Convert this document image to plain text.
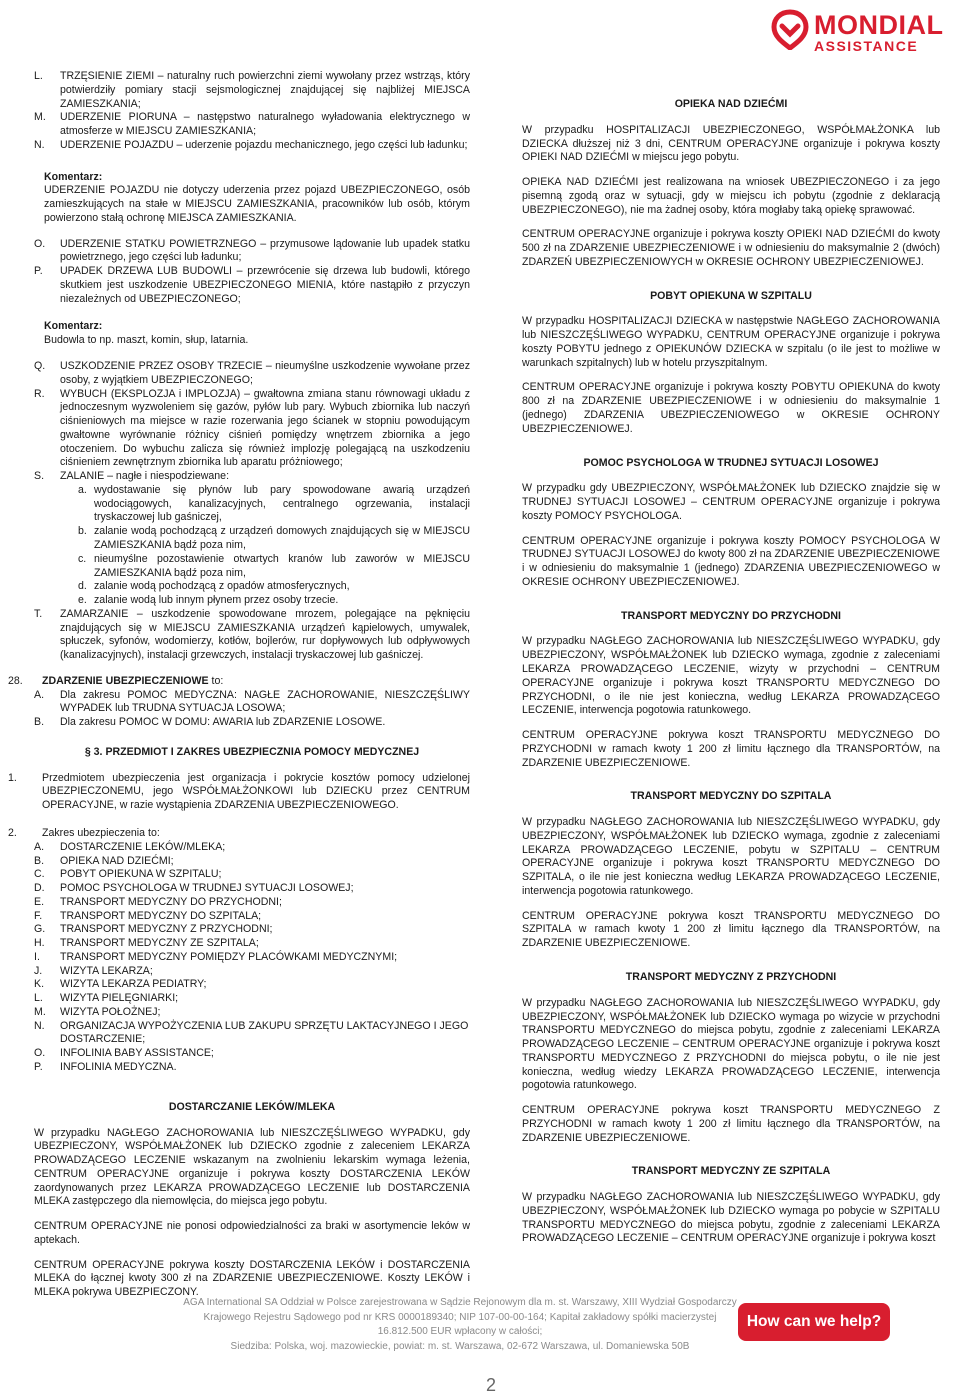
MONDIAL
ASSISTANCE
L.	TRZĘSIENIE ZIEMI – naturalny ruch powierzchni ziemi wywołany przez wstrząs, który potwierdziły pomiary stacji sejsmologicznej znajdującej się najbliżej MIEJSCA ZAMIESZKANIA;
M.	UDERZENIE PIORUNA – następstwo naturalnego wyładowania elektrycznego w atmosferze w MIEJSCU ZAMIESZKANIA;
N.	UDERZENIE POJAZDU – uderzenie pojazdu mechanicznego, jego części lub ładunku;
Komentarz:

UDERZENIE POJAZDU nie dotyczy uderzenia przez pojazd UBEZPIECZONEGO, osób zamieszkujących na stałe w MIEJSCU ZAMIESZKANIA, pracowników lub osób, którym powierzono stałą ochronę MIEJSCA ZAMIESZKANIA.

O.	UDERZENIE STATKU POWIETRZNEGO – przymusowe lądowanie lub upadek statku powietrznego, jego części lub ładunku;
P.	UPADEK DRZEWA LUB BUDOWLI – przewrócenie się drzewa lub budowli, którego skutkiem jest uszkodzenie UBEZPIECZONEGO MIENIA, które nastąpiło z przyczyn niezależnych od UBEZPIECZONEGO;
Komentarz:

Budowla to np. maszt, komin, słup, latarnia.

Q.	USZKODZENIE PRZEZ OSOBY TRZECIE – nieumyślne uszkodzenie wywołane przez osoby, z wyjątkiem UBEZPIECZONEGO;
R.	WYBUCH (EKSPLOZJA i IMPLOZJA) – gwałtowna zmiana stanu równowagi układu z jednoczesnym wyzwoleniem się gazów, pyłów lub pary. Wybuch zbiornika lub naczyń ciśnieniowych ma miejsce w razie rozerwania jego ścianek w stopniu powodującym gwałtowne wyrównanie różnicy ciśnień pomiędzy wnętrzem zbiornika a jego otoczeniem. Do wybuchu zalicza się również implozję polegającą na uszkodzeniu ciśnieniem zewnętrznym zbiornika lub aparatu próżniowego;
S.	ZALANIE – nagłe i niespodziewane:
a. wydostawanie się płynów lub pary spowodowane awarią urządzeń wodociągowych, kanalizacyjnych, centralnego ogrzewania, instalacji tryskaczowej lub gaśniczej,
b. zalanie wodą pochodzącą z urządzeń domowych znajdujących się w MIEJSCU ZAMIESZKANIA bądź poza nim,
c. nieumyślne pozostawienie otwartych kranów lub zaworów w MIEJSCU ZAMIESZKANIA bądź poza nim,
d. zalanie wodą pochodzącą z opadów atmosferycznych,
e. zalanie wodą lub innym płynem przez osoby trzecie.
T.	ZAMARZANIE – uszkodzenie spowodowane mrozem, polegające na pęknięciu znajdujących się w MIEJSCU ZAMIESZKANIA urządzeń kąpielowych, umywalek, spłuczek, syfonów, wodomierzy, kotłów, bojlerów, rur dopływowych lub odpływowych (kanalizacyjnych), instalacji grzewczych, instalacji tryskaczowej lub gaśniczej.
28.	ZDARZENIE UBEZPIECZENIOWE to:
A.	Dla zakresu POMOC MEDYCZNA: NAGŁE ZACHOROWANIE, NIESZCZĘŚLIWY WYPADEK lub TRUDNA SYTUACJA LOSOWA;
B.	Dla zakresu POMOC W DOMU: AWARIA lub ZDARZENIE LOSOWE.
§ 3. PRZEDMIOT I ZAKRES UBEZPIECZNIA POMOCY MEDYCZNEJ
1.	Przedmiotem ubezpieczenia jest organizacja i pokrycie kosztów pomocy udzielonej UBEZPIECZONEMU, jego WSPÓŁMAŁŻONKOWI lub DZIECKU przez CENTRUM OPERACYJNE, w razie wystąpienia ZDARZENIA UBEZPIECZENIOWEGO.
2.	Zakres ubezpieczenia to:
A.	DOSTARCZENIE LEKÓW/MLEKA;
B.	OPIEKA NAD DZIEĆMI;
C.	POBYT OPIEKUNA W SZPITALU;
D.	POMOC PSYCHOLOGA W TRUDNEJ SYTUACJI LOSOWEJ;
E.	TRANSPORT MEDYCZNY DO PRZYCHODNI;
F.	TRANSPORT MEDYCZNY DO SZPITALA;
G.	TRANSPORT MEDYCZNY Z PRZYCHODNI;
H.	TRANSPORT MEDYCZNY ZE SZPITALA;
I.	TRANSPORT MEDYCZNY POMIĘDZY PLACÓWKAMI MEDYCZNYMI;
J.	WIZYTA LEKARZA;
K.	WIZYTA LEKARZA PEDIATRY;
L.	WIZYTA PIELĘGNIARKI;
M.	WIZYTA POŁOŻNEJ;
N.	ORGANIZACJA WYPOŻYCZENIA LUB ZAKUPU SPRZĘTU LAKTACYJNEGO I JEGO DOSTARCZENIE;
O.	INFOLINIA BABY ASSISTANCE;
P.	INFOLINIA MEDYCZNA.
DOSTARCZANIE LEKÓW/MLEKA

W przypadku NAGŁEGO ZACHOROWANIA lub NIESZCZĘŚLIWEGO WYPADKU, gdy UBEZPIECZONY, WSPÓŁMAŁŻONEK lub DZIECKO zgodnie z zaleceniem LEKARZA PROWADZĄCEGO LECZENIE wskazanym na zwolnieniu lekarskim wymaga leżenia, CENTRUM OPERACYJNE organizuje i pokrywa koszty DOSTARCZENIA LEKÓW zaordynowanych przez LEKARZA PROWADZĄCEGO LECZENIE lub DOSTARCZENIA MLEKA zastępczego dla niemowlęcia, do miejsca jego pobytu.

CENTRUM OPERACYJNE nie ponosi odpowiedzialności za braki w asortymencie leków w aptekach.

CENTRUM OPERACYJNE pokrywa koszty DOSTARCZENIA LEKÓW i DOSTARCZENIA MLEKA do łącznej kwoty 300 zł na ZDARZENIE UBEZPIECZENIOWE. Koszty LEKÓW i MLEKA pokrywa UBEZPIECZONY.

OPIEKA NAD DZIEĆMI

W przypadku HOSPITALIZACJI UBEZPIECZONEGO, WSPÓŁMAŁŻONKA lub DZIECKA dłuższej niż 3 dni, CENTRUM OPERACYJNE organizuje i pokrywa koszty OPIEKI NAD DZIEĆMI w miejscu jego pobytu.

OPIEKA NAD DZIEĆMI jest realizowana na wniosek UBEZPIECZONEGO i za jego pisemną zgodą oraz w sytuacji, gdy w miejscu ich pobytu (zgodnie z deklaracją UBEZPIECZONEGO), nie ma żadnej osoby, która mogłaby taką opiekę sprawować.

CENTRUM OPERACYJNE organizuje i pokrywa koszty OPIEKI NAD DZIEĆMI do kwoty 500 zł na ZDARZENIE UBEZPIECZENIOWE i w odniesieniu do maksymalnie 2 (dwóch) ZDARZEŃ UBEZPIECZENIOWYCH w OKRESIE OCHRONY UBEZPIECZENIOWEJ.

POBYT OPIEKUNA W SZPITALU

W przypadku HOSPITALIZACJI DZIECKA w następstwie NAGŁEGO ZACHOROWANIA lub NIESZCZĘŚLIWEGO WYPADKU, CENTRUM OPERACYJNE organizuje i pokrywa koszty POBYTU jednego z OPIEKUNÓW DZIECKA w szpitalu (o ile jest to możliwe w warunkach szpitalnych) lub w hotelu przyszpitalnym.

CENTRUM OPERACYJNE organizuje i pokrywa koszty POBYTU OPIEKUNA do kwoty 800 zł na ZDARZENIE UBEZPIECZENIOWE i w odniesieniu do maksymalnie 1 (jednego) ZDARZENIA UBEZPIECZENIOWEGO w OKRESIE OCHRONY UBEZPIECZENIOWEJ.

POMOC PSYCHOLOGA W TRUDNEJ SYTUACJI LOSOWEJ

W przypadku gdy UBEZPIECZONY, WSPÓŁMAŁŻONEK lub DZIECKO znajdzie się w TRUDNEJ SYTUACJI LOSOWEJ – CENTRUM OPERACYJNE organizuje i pokrywa koszty POMOCY PSYCHOLOGA.

CENTRUM OPERACYJNE organizuje i pokrywa koszty POMOCY PSYCHOLOGA W TRUDNEJ SYTUACJI LOSOWEJ do kwoty 800 zł na ZDARZENIE UBEZPIECZENIOWE i w odniesieniu do maksymalnie 1 (jednego) ZDARZENIA UBEZPIECZENIOWEGO w OKRESIE OCHRONY UBEZPIECZENIOWEJ.

TRANSPORT MEDYCZNY DO PRZYCHODNI

W przypadku NAGŁEGO ZACHOROWANIA lub NIESZCZĘŚLIWEGO WYPADKU, gdy UBEZPIECZONY, WSPÓŁMAŁŻONEK lub DZIECKO wymaga, zgodnie z zaleceniami LEKARZA PROWADZĄCEGO LECZENIE, wizyty w przychodni – CENTRUM OPERACYJNE organizuje i pokrywa koszt TRANSPORTU MEDYCZNEGO DO PRZYCHODNI, o ile nie jest konieczna, według LEKARZA PROWADZĄCEGO LECZENIE, interwencja pogotowia ratunkowego.

CENTRUM OPERACYJNE pokrywa koszt TRANSPORTU MEDYCZNEGO DO PRZYCHODNI w ramach kwoty 1 200 zł limitu łącznego dla TRANSPORTÓW, na ZDARZENIE UBEZPIECZENIOWE.

TRANSPORT MEDYCZNY DO SZPITALA

W przypadku NAGŁEGO ZACHOROWANIA lub NIESZCZĘŚLIWEGO WYPADKU, gdy UBEZPIECZONY, WSPÓŁMAŁŻONEK lub DZIECKO wymaga, zgodnie z zaleceniami LEKARZA PROWADZĄCEGO LECZENIE, pobytu w SZPITALU – CENTRUM OPERACYJNE organizuje i pokrywa koszt TRANSPORTU MEDYCZNEGO DO SZPITALA, o ile nie jest konieczna według LEKARZA PROWADZĄCEGO LECZENIE, interwencja pogotowia ratunkowego.

CENTRUM OPERACYJNE pokrywa koszt TRANSPORTU MEDYCZNEGO DO SZPITALA w ramach kwoty 1 200 zł limitu łącznego dla TRANSPORTÓW, na ZDARZENIE UBEZPIECZENIOWE.

TRANSPORT MEDYCZNY Z PRZYCHODNI

W przypadku NAGŁEGO ZACHOROWANIA lub NIESZCZĘŚLIWEGO WYPADKU, gdy UBEZPIECZONY, WSPÓŁMAŁŻONEK lub DZIECKO wymaga po wizycie w przychodni TRANSPORTU MEDYCZNEGO do miejsca pobytu, zgodnie z zaleceniami LEKARZA PROWADZĄCEGO LECZENIE – CENTRUM OPERACYJNE organizuje i pokrywa koszt TRANSPORTU MEDYCZNEGO Z PRZYCHODNI do miejsca pobytu, o ile nie jest konieczna, według wiedzy LEKARZA PROWADZĄCEGO LECZENIE, interwencja pogotowia ratunkowego.

CENTRUM OPERACYJNE pokrywa koszt TRANSPORTU MEDYCZNEGO Z PRZYCHODNI w ramach kwoty 1 200 zł limitu łącznego dla TRANSPORTÓW, na ZDARZENIE UBEZPIECZENIOWE.

TRANSPORT MEDYCZNY ZE SZPITALA

W przypadku NAGŁEGO ZACHOROWANIA lub NIESZCZĘŚLIWEGO WYPADKU, gdy UBEZPIECZONY, WSPÓŁMAŁŻONEK lub DZIECKO wymaga po pobycie w SZPITALU TRANSPORTU MEDYCZNEGO do miejsca pobytu, zgodnie z zaleceniami LEKARZA PROWADZĄCEGO LECZENIE – CENTRUM OPERACYJNE organizuje i pokrywa koszt

AGA International SA Oddział w Polsce zarejestrowana w Sądzie Rejonowym dla m. st. Warszawy, XIII Wydział Gospodarczy
Krajowego Rejestru Sądowego pod nr KRS 0000189340; NIP 107-00-00-164; Kapitał zakładowy spółki macierzystej 16.812.500 EUR wpłacony w całości;
Siedziba: Polska, woj. mazowieckie, powiat: m. st. Warszawa, 02-672 Warszawa, ul. Domaniewska 50B
How can we help?
2
